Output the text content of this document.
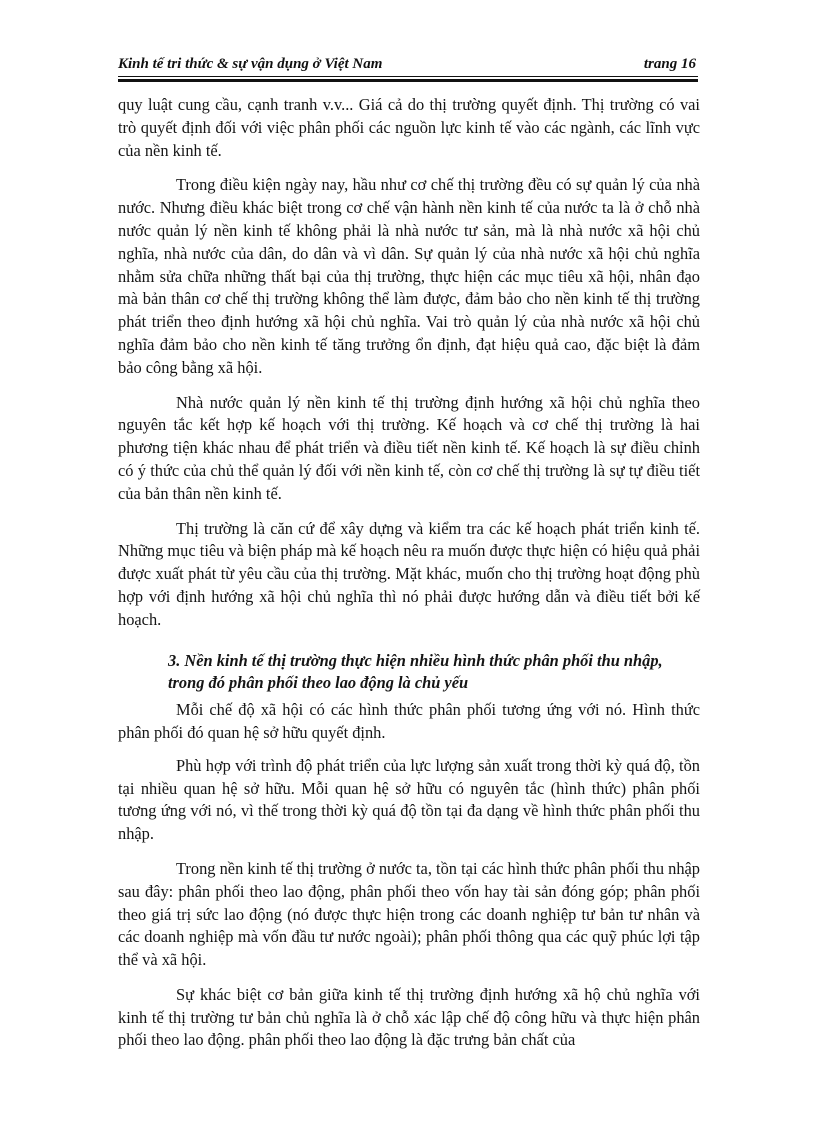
Kinh tế tri thức & sự vận dụng ở Việt Nam	trang 16

quy luật cung cầu, cạnh tranh v.v... Giá cả do thị trường quyết định. Thị trường có vai trò quyết định đối với việc phân phối các nguồn lực kinh tế vào các ngành, các lĩnh vực của nền kinh tế.

Trong điều kiện ngày nay, hầu như cơ chế thị trường đều có sự quản lý của nhà nước. Nhưng điều khác biệt trong cơ chế vận hành nền kinh tế của nước ta là ở chỗ nhà nước quản lý nền kinh tế không phải là nhà nước tư sản, mà là nhà nước xã hội chủ nghĩa, nhà nước của dân, do dân và vì dân. Sự quản lý của nhà nước xã hội chủ nghĩa nhằm sửa chữa những thất bại của thị trường, thực hiện các mục tiêu xã hội, nhân đạo mà bản thân cơ chế thị trường không thể làm được, đảm bảo cho nền kinh tế thị trường phát triển theo định hướng xã hội chủ nghĩa. Vai trò quản lý của nhà nước xã hội chủ nghĩa đảm bảo cho nền kinh tế tăng trưởng ổn định, đạt hiệu quả cao, đặc biệt là đảm bảo công bằng xã hội.

Nhà nước quản lý nền kinh tế thị trường định hướng xã hội chủ nghĩa theo nguyên tắc kết hợp kế hoạch với thị trường. Kế hoạch và cơ chế thị trường là hai phương tiện khác nhau để phát triển và điều tiết nền kinh tế. Kế hoạch là sự điều chỉnh có ý thức của chủ thể quản lý đối với nền kinh tế, còn cơ chế thị trường là sự tự điều tiết của bản thân nền kinh tế.

Thị trường là căn cứ để xây dựng và kiểm tra các kế hoạch phát triển kinh tế. Những mục tiêu và biện pháp mà kế hoạch nêu ra muốn được thực hiện có hiệu quả phải được xuất phát từ yêu cầu của thị trường. Mặt khác, muốn cho thị trường hoạt động phù hợp với định hướng xã hội chủ nghĩa thì nó phải được hướng dẫn và điều tiết bởi kế hoạch.

3. Nền kinh tế thị trường thực hiện nhiều hình thức phân phối thu nhập, trong đó phân phối theo lao động là chủ yếu

Mỗi chế độ xã hội có các hình thức phân phối tương ứng với nó. Hình thức phân phối đó quan hệ sở hữu quyết định.

Phù hợp với trình độ phát triển của lực lượng sản xuất trong thời kỳ quá độ, tồn tại nhiều quan hệ sở hữu. Mỗi quan hệ sở hữu có nguyên tắc (hình thức) phân phối tương ứng với nó, vì thế trong thời kỳ quá độ tồn tại đa dạng về hình thức phân phối thu nhập.

Trong nền kinh tế thị trường ở nước ta, tồn tại các hình thức phân phối thu nhập sau đây: phân phối theo lao động, phân phối theo vốn hay tài sản đóng góp; phân phối theo giá trị sức lao động (nó được thực hiện trong các doanh nghiệp tư bản tư nhân và các doanh nghiệp mà vốn đầu tư nước ngoài); phân phối thông qua các quỹ phúc lợi tập thể và xã hội.

Sự khác biệt cơ bản giữa kinh tế thị trường định hướng xã hộ chủ nghĩa với kinh tế thị trường tư bản chủ nghĩa là ở chỗ xác lập chế độ công hữu và thực hiện phân phối theo lao động. phân phối theo lao động là đặc trưng bản chất của
